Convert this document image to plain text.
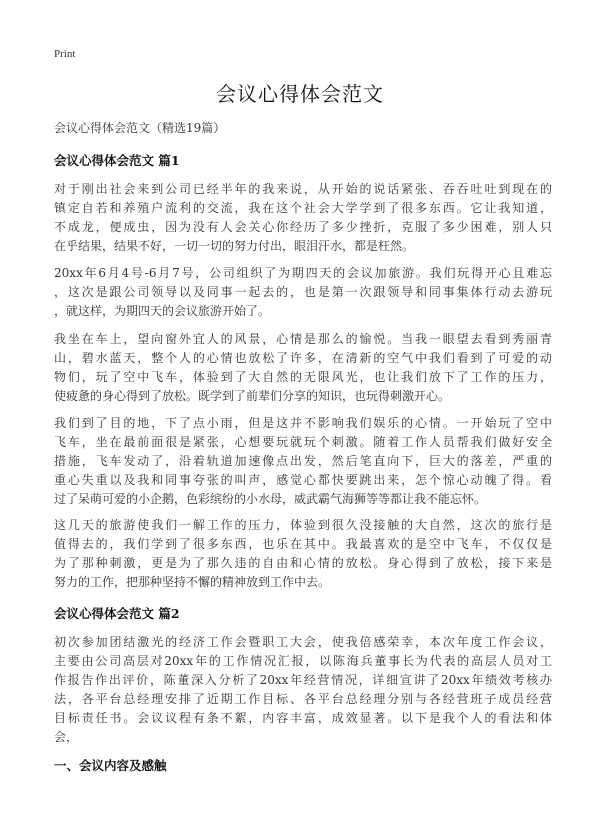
Print
会议心得体会范文
会议心得体会范文（精选19篇）
会议心得体会范文 篇1
对于刚出社会来到公司已经半年的我来说，从开始的说话紧张、吞吞吐吐到现在的
镇定自若和养殖户流利的交流，我在这个社会大学学到了很多东西。它让我知道，
不成龙，便成虫，因为没有人会关心你经历了多少挫折，克服了多少困难，别人只
在乎结果，结果不好，一切一切的努力付出，眼泪汗水，都是枉然。
20xx年6月4号-6月7号，公司组织了为期四天的会议加旅游。我们玩得开心且难忘
，这次是跟公司领导以及同事一起去的，也是第一次跟领导和同事集体行动去游玩
，就这样，为期四天的会议旅游开始了。
我坐在车上，望向窗外宜人的风景，心情是那么的愉悦。当我一眼望去看到秀丽青
山，碧水蓝天，整个人的心情也放松了许多，在清新的空气中我们看到了可爱的动
物们，玩了空中飞车，体验到了大自然的无限风光，也让我们放下了工作的压力，
使疲惫的身心得到了放松。既学到了前辈们分享的知识，也玩得刺激开心。
我们到了目的地，下了点小雨，但是这并不影响我们娱乐的心情。一开始玩了空中
飞车，坐在最前面很是紧张，心想要玩就玩个刺激。随着工作人员帮我们做好安全
措施，飞车发动了，沿着轨道加速像点出发，然后笔直向下，巨大的落差，严重的
重心失重以及我和同事夸张的叫声，感觉心都快要跳出来，怎个惊心动魄了得。看
过了呆萌可爱的小企鹅，色彩缤纷的小水母，威武霸气海狮等等都让我不能忘怀。
这几天的旅游使我们一解工作的压力，体验到很久没接触的大自然，这次的旅行是
值得去的，我们学到了很多东西，也乐在其中。我最喜欢的是空中飞车，不仅仅是
为了那种刺激，更是为了那久违的自由和心情的放松。身心得到了放松，接下来是
努力的工作，把那种坚持不懈的精神放到工作中去。
会议心得体会范文 篇2
初次参加团结激光的经济工作会暨职工大会，使我倍感荣幸，本次年度工作会议，
主要由公司高层对20xx年的工作情况汇报，以陈海兵董事长为代表的高层人员对工
作报告作出评价，陈董深入分析了20xx年经营情况，详细宣讲了20xx年绩效考核办
法，各平台总经理安排了近期工作目标、各平台总经理分别与各经营班子成员经营
目标责任书。会议议程有条不絮，内容丰富，成效显著。以下是我个人的看法和体
会，
一、会议内容及感触
